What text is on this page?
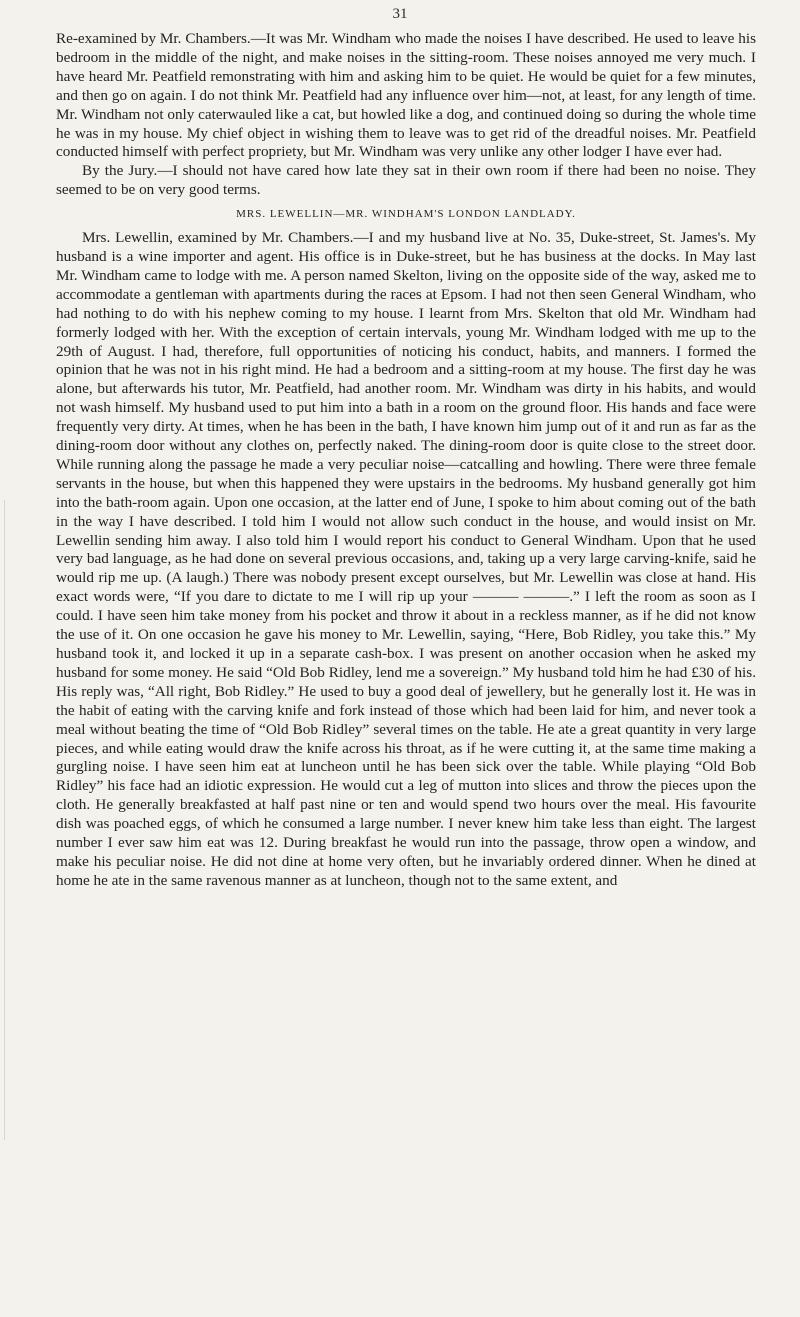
31

Re-examined by Mr. Chambers.—It was Mr. Windham who made the noises I have described. He used to leave his bedroom in the middle of the night, and make noises in the sitting-room. These noises annoyed me very much. I have heard Mr. Peatfield remonstrating with him and asking him to be quiet. He would be quiet for a few minutes, and then go on again. I do not think Mr. Peatfield had any influence over him—not, at least, for any length of time. Mr. Windham not only caterwauled like a cat, but howled like a dog, and continued doing so during the whole time he was in my house. My chief object in wishing them to leave was to get rid of the dreadful noises. Mr. Peatfield conducted himself with perfect propriety, but Mr. Windham was very unlike any other lodger I have ever had.

By the Jury.—I should not have cared how late they sat in their own room if there had been no noise. They seemed to be on very good terms.

MRS. LEWELLIN—MR. WINDHAM'S LONDON LANDLADY.

Mrs. Lewellin, examined by Mr. Chambers.—I and my husband live at No. 35, Duke-street, St. James's. My husband is a wine importer and agent. His office is in Duke-street, but he has business at the docks. In May last Mr. Windham came to lodge with me. A person named Skelton, living on the opposite side of the way, asked me to accommodate a gentleman with apartments during the races at Epsom. I had not then seen General Windham, who had nothing to do with his nephew coming to my house. I learnt from Mrs. Skelton that old Mr. Windham had formerly lodged with her. With the exception of certain intervals, young Mr. Windham lodged with me up to the 29th of August. I had, therefore, full opportunities of noticing his conduct, habits, and manners. I formed the opinion that he was not in his right mind. He had a bedroom and a sitting-room at my house. The first day he was alone, but afterwards his tutor, Mr. Peatfield, had another room. Mr. Windham was dirty in his habits, and would not wash himself. My husband used to put him into a bath in a room on the ground floor. His hands and face were frequently very dirty. At times, when he has been in the bath, I have known him jump out of it and run as far as the dining-room door without any clothes on, perfectly naked. The dining-room door is quite close to the street door. While running along the passage he made a very peculiar noise—catcalling and howling. There were three female servants in the house, but when this happened they were upstairs in the bedrooms. My husband generally got him into the bath-room again. Upon one occasion, at the latter end of June, I spoke to him about coming out of the bath in the way I have described. I told him I would not allow such conduct in the house, and would insist on Mr. Lewellin sending him away. I also told him I would report his conduct to General Windham. Upon that he used very bad language, as he had done on several previous occasions, and, taking up a very large carving-knife, said he would rip me up. (A laugh.) There was nobody present except ourselves, but Mr. Lewellin was close at hand. His exact words were, “If you dare to dictate to me I will rip up your ——— ———.” I left the room as soon as I could. I have seen him take money from his pocket and throw it about in a reckless manner, as if he did not know the use of it. On one occasion he gave his money to Mr. Lewellin, saying, “Here, Bob Ridley, you take this.” My husband took it, and locked it up in a separate cash-box. I was present on another occasion when he asked my husband for some money. He said “Old Bob Ridley, lend me a sovereign.” My husband told him he had £30 of his. His reply was, “All right, Bob Ridley.” He used to buy a good deal of jewellery, but he generally lost it. He was in the habit of eating with the carving knife and fork instead of those which had been laid for him, and never took a meal without beating the time of “Old Bob Ridley” several times on the table. He ate a great quantity in very large pieces, and while eating would draw the knife across his throat, as if he were cutting it, at the same time making a gurgling noise. I have seen him eat at luncheon until he has been sick over the table. While playing “Old Bob Ridley” his face had an idiotic expression. He would cut a leg of mutton into slices and throw the pieces upon the cloth. He generally breakfasted at half past nine or ten and would spend two hours over the meal. His favourite dish was poached eggs, of which he consumed a large number. I never knew him take less than eight. The largest number I ever saw him eat was 12. During breakfast he would run into the passage, throw open a window, and make his peculiar noise. He did not dine at home very often, but he invariably ordered dinner. When he dined at home he ate in the same ravenous manner as at luncheon, though not to the same extent, and
